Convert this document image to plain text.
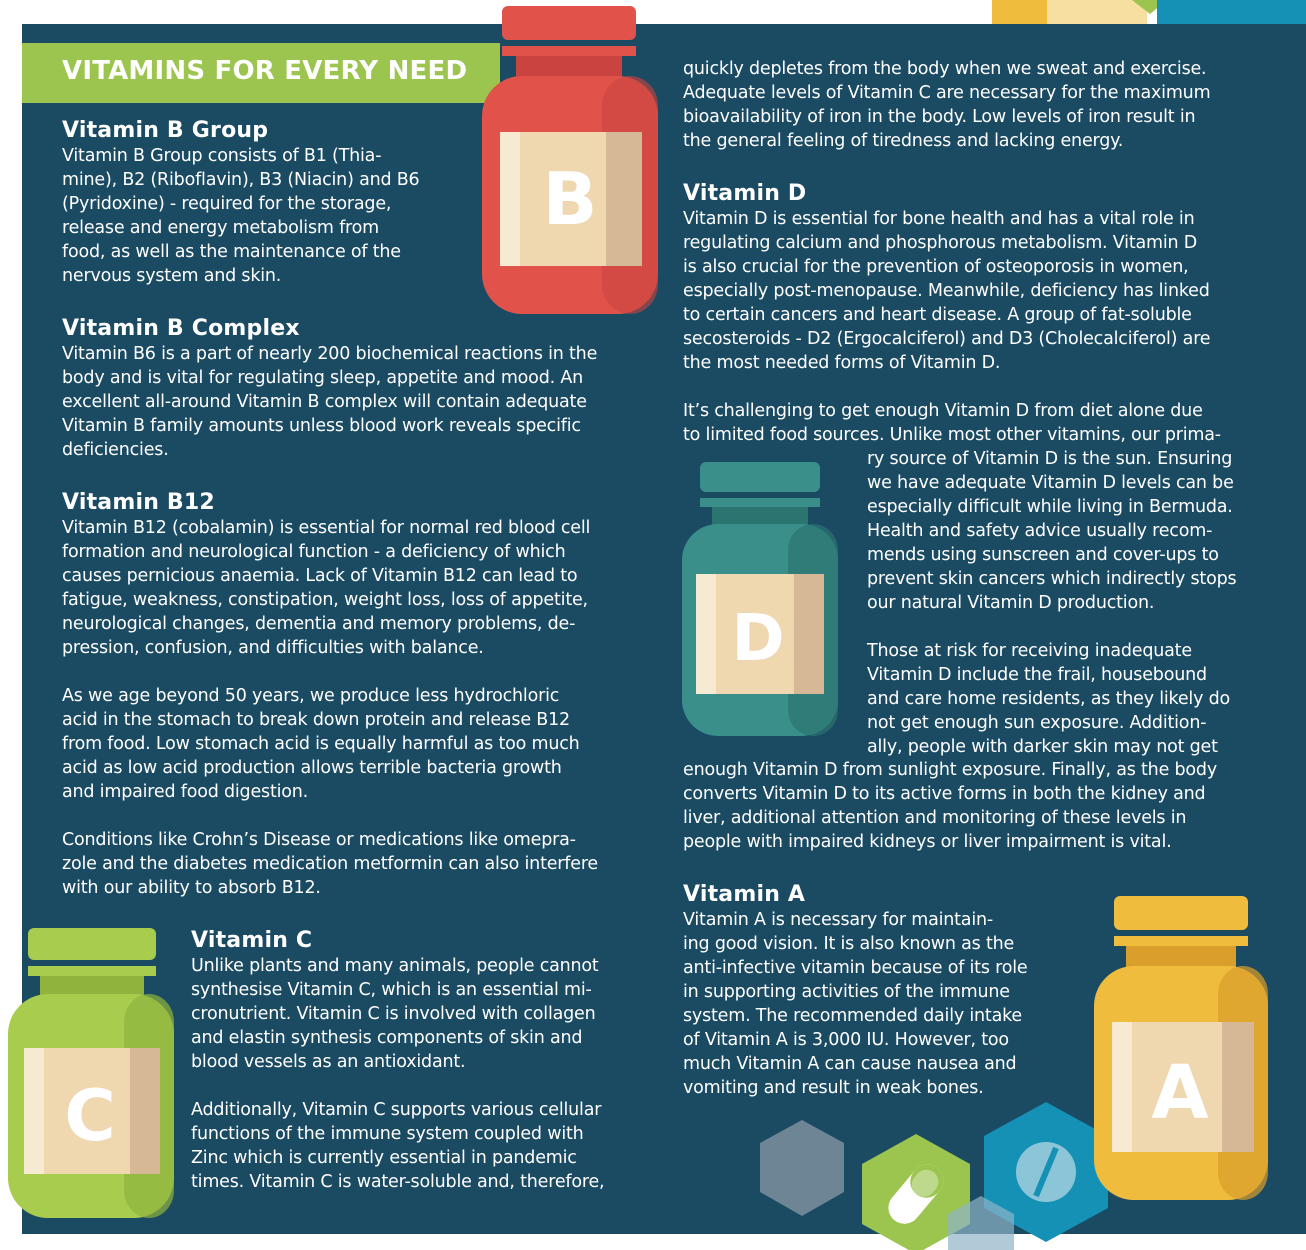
VITAMINS FOR EVERY NEED
B
D
C	A
Vitamin B Group

Vitamin B Group consists of B1 (Thia-

mine), B2 (Riboflavin), B3 (Niacin) and B6

(Pyridoxine) - required for the storage,

release and energy metabolism from

food, as well as the maintenance of the

nervous system and skin.

Vitamin B Complex

Vitamin B6 is a part of nearly 200 biochemical reactions in the

body and is vital for regulating sleep, appetite and mood. An

excellent all-around Vitamin B complex will contain adequate

Vitamin B family amounts unless blood work reveals specific

deficiencies.

Vitamin B12

Vitamin B12 (cobalamin) is essential for normal red blood cell

formation and neurological function - a deficiency of which

causes pernicious anaemia. Lack of Vitamin B12 can lead to

fatigue, weakness, constipation, weight loss, loss of appetite,

neurological changes, dementia and memory problems, de-

pression, confusion, and difficulties with balance.

As we age beyond 50 years, we produce less hydrochloric

acid in the stomach to break down protein and release B12

from food. Low stomach acid is equally harmful as too much

acid as low acid production allows terrible bacteria growth

and impaired food digestion.

Conditions like Crohn’s Disease or medications like omepra-

zole and the diabetes medication metformin can also interfere

with our ability to absorb B12.

Vitamin C

Unlike plants and many animals, people cannot

synthesise Vitamin C, which is an essential mi-

cronutrient. Vitamin C is involved with collagen

and elastin synthesis components of skin and

blood vessels as an antioxidant.

Additionally, Vitamin C supports various cellular

functions of the immune system coupled with

Zinc which is currently essential in pandemic

times. Vitamin C is water-soluble and, therefore,

quickly depletes from the body when we sweat and exercise.

Adequate levels of Vitamin C are necessary for the maximum

bioavailability of iron in the body. Low levels of iron result in

the general feeling of tiredness and lacking energy.

Vitamin D

Vitamin D is essential for bone health and has a vital role in

regulating calcium and phosphorous metabolism. Vitamin D

is also crucial for the prevention of osteoporosis in women,

especially post-menopause. Meanwhile, deficiency has linked

to certain cancers and heart disease. A group of fat-soluble

secosteroids - D2 (Ergocalciferol) and D3 (Cholecalciferol) are

the most needed forms of Vitamin D.

It’s challenging to get enough Vitamin D from diet alone due

to limited food sources. Unlike most other vitamins, our prima-

ry source of Vitamin D is the sun. Ensuring

we have adequate Vitamin D levels can be

especially difficult while living in Bermuda.

Health and safety advice usually recom-

mends using sunscreen and cover-ups to

prevent skin cancers which indirectly stops

our natural Vitamin D production.

Those at risk for receiving inadequate

Vitamin D include the frail, housebound

and care home residents, as they likely do

not get enough sun exposure. Addition-

ally, people with darker skin may not get

enough Vitamin D from sunlight exposure. Finally, as the body

converts Vitamin D to its active forms in both the kidney and

liver, additional attention and monitoring of these levels in

people with impaired kidneys or liver impairment is vital.

Vitamin A

Vitamin A is necessary for maintain-

ing good vision. It is also known as the

anti-infective vitamin because of its role

in supporting activities of the immune

system. The recommended daily intake

of Vitamin A is 3,000 IU. However, too

much Vitamin A can cause nausea and

vomiting and result in weak bones.
